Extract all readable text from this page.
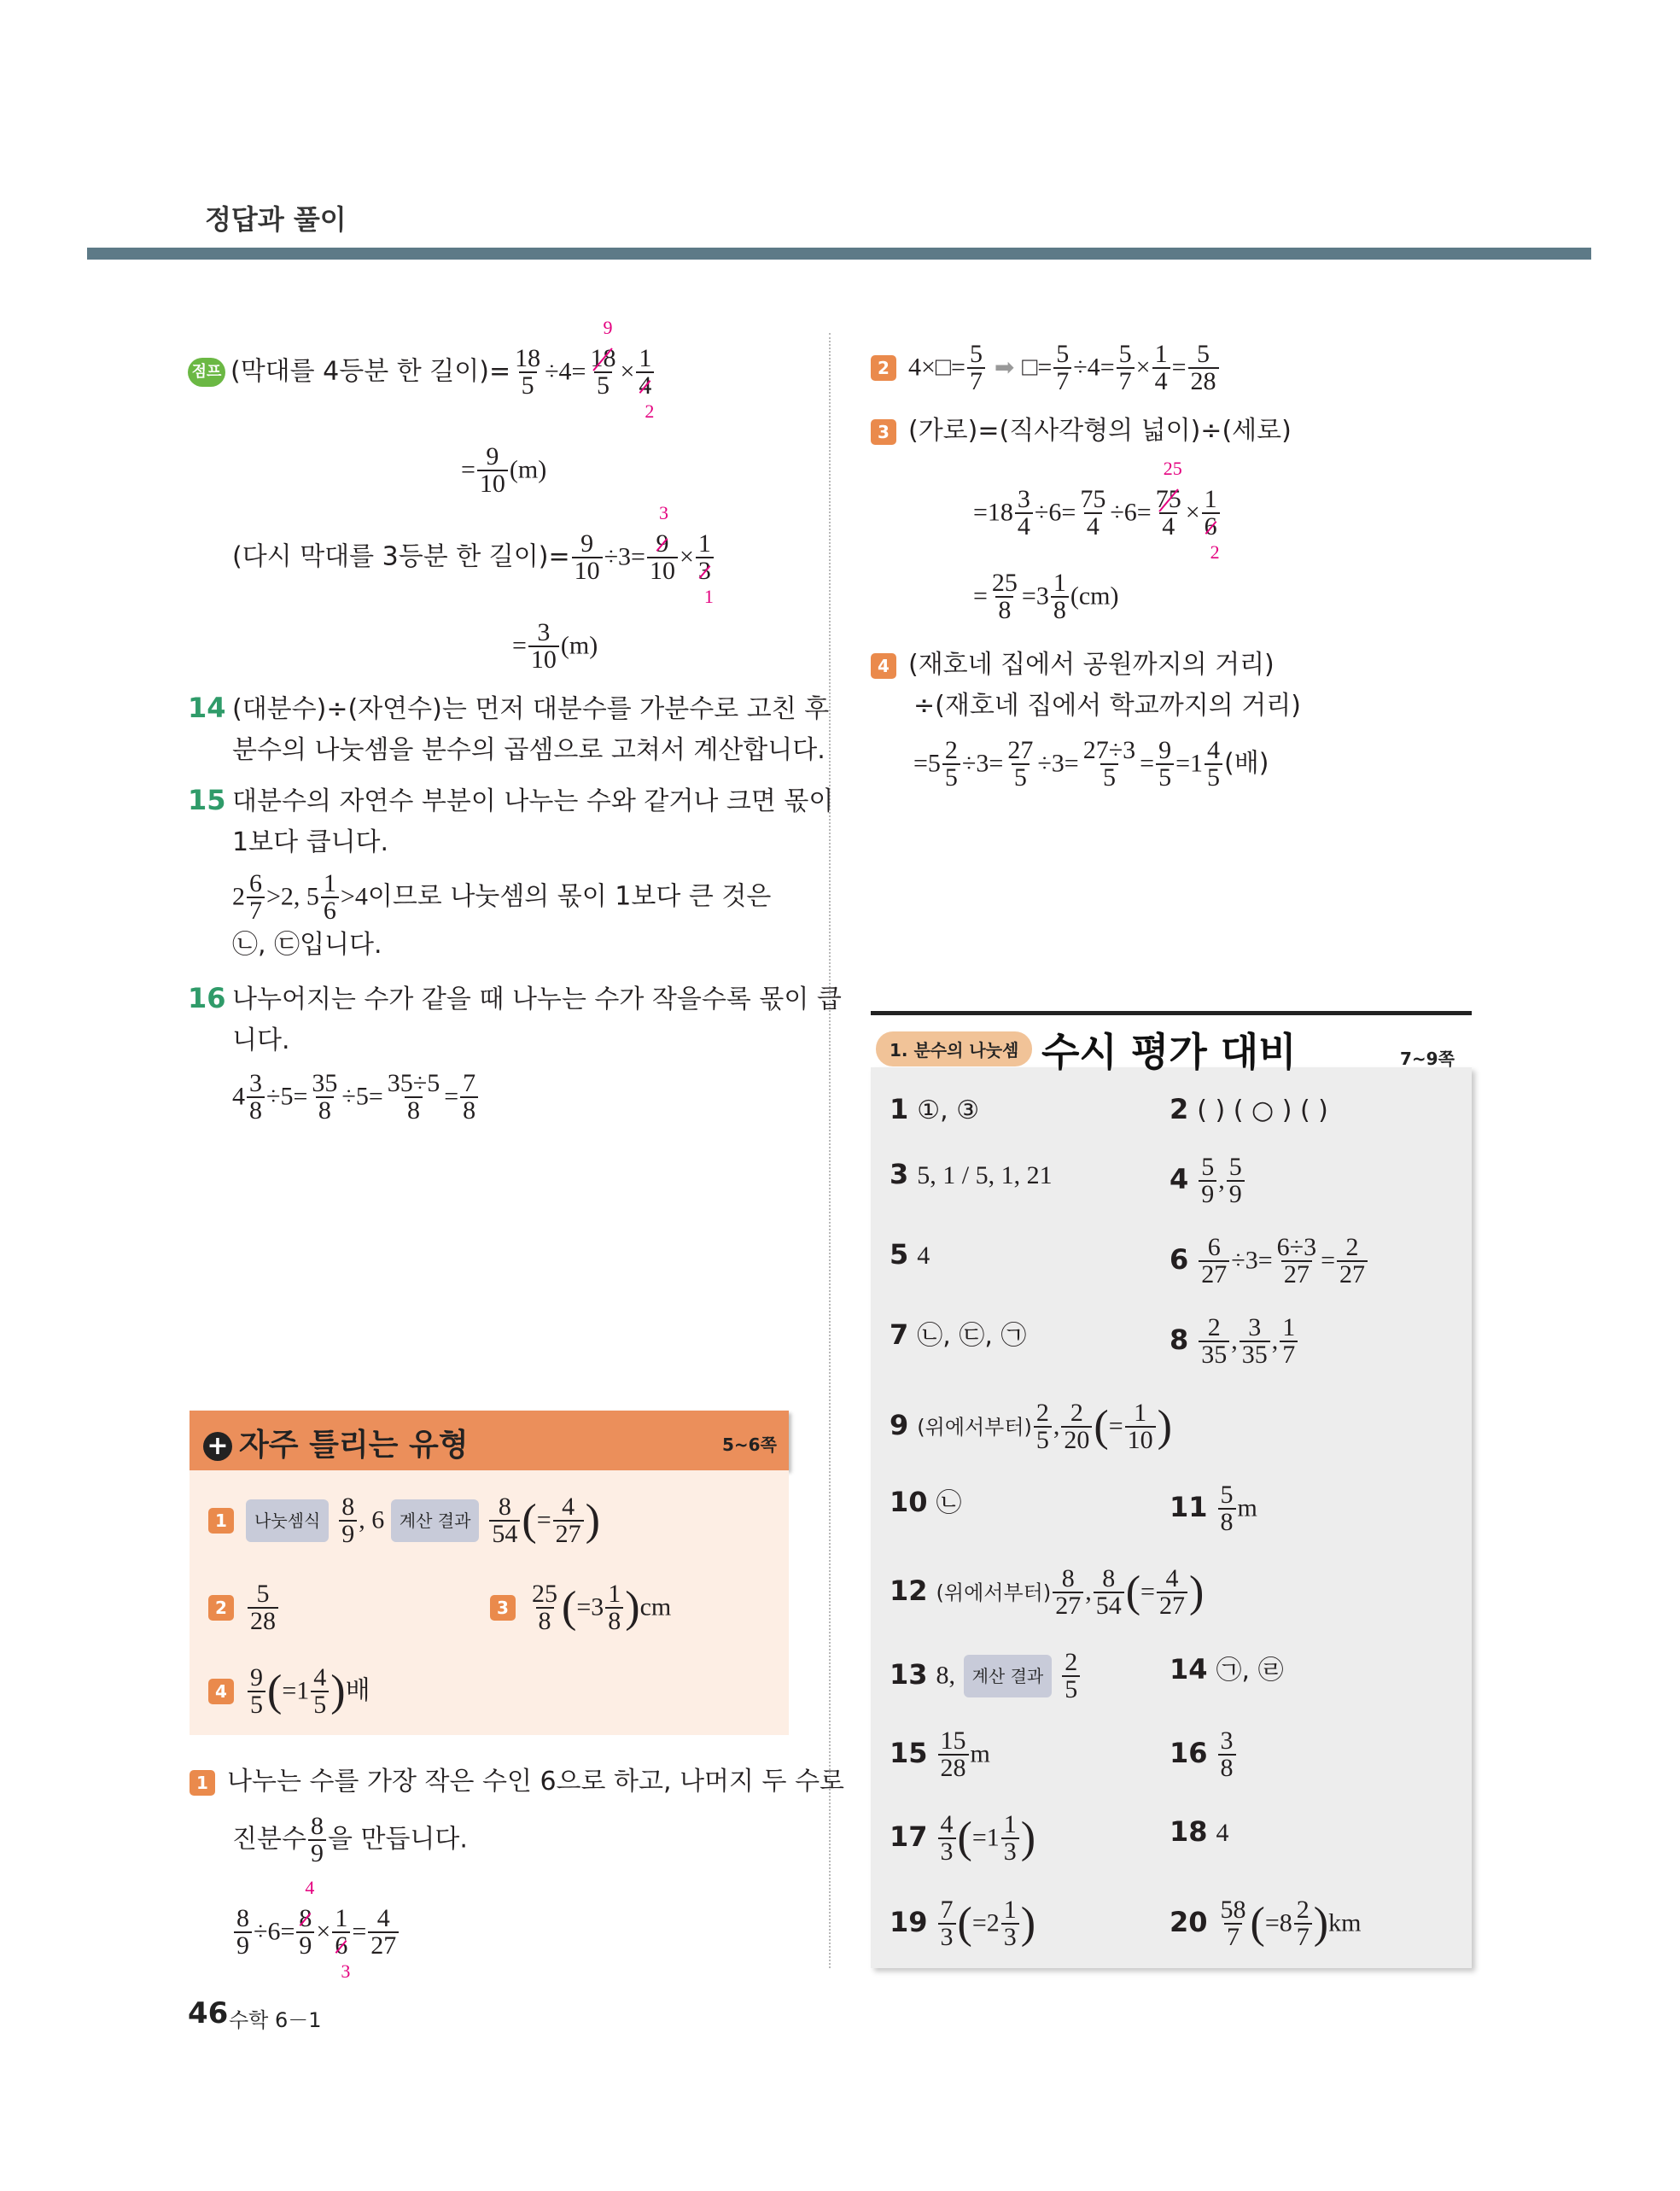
정답과 풀이
점프 (막대를 4등분 한 길이)= $\frac{18}{5} \div 4= 18$
5
9
× 1
4
2
= $\frac{9}{10} (m)$
(다시 막대를 3등분 한 길이)= $\frac{9}{10} \div 3= 9$
10
3
× 1
3
1
= $\frac{3}{10} (m)$
14 (대분수)÷(자연수)는 먼저 대분수를 가분수로 고친 후
분수의 나눗셈을 분수의 곱셈으로 고쳐서 계산합니다.
15 대분수의 자연수 부분이 나누는 수와 같거나 크면 몫이
1보다 큽니다.
$2 \frac{6}{7} >2$, $5 \frac{1}{6} >4$이므로 나눗셈의 몫이 1보다 큰 것은
㉡, ㉢입니다.
16 나누어지는 수가 같을 때 나누는 수가 작을수록 몫이 큽
니다.
$4 \frac{3}{8} \div 5= \frac{35}{8} \div 5= \frac{35\div 5}{8} = \frac{7}{8}$
+ 자주 틀리는 유형	5~6쪽
1 나눗셈식 $\frac{8}{9}$ , 6 계산 결과 $\frac{8}{54}$ (= $\frac{4}{27}$ )
$2 \frac{5}{28}$	$3 \frac{25}{8} (=3 \frac{1}{8} )cm$
$4 \frac{9}{5} (=1 \frac{4}{5}$ )배
1 나누는 수를 가장 작은 수인 6으로 하고, 나머지 두 수로
진분수 $\frac{8}{9}$ 을 만듭니다.
$\frac{8}{9} \div 6= 8$
9
4
× 1
6
3
= $\frac{4}{27}$
2 4×□= $\frac{5}{7}$ ➡ □= $\frac{5}{7} \div 4= \frac{5}{7} \times \frac{1}{4} = \frac{5}{28}$
3 (가로)=(직사각형의 넓이)÷(세로)
$=18 \frac{3}{4} \div 6= \frac{75}{4} \div 6= 75$
4
25
× 1
6
2
= $\frac{25}{8} =3 \frac{1}{8} (cm)$
4 (재호네 집에서 공원까지의 거리)
÷(재호네 집에서 학교까지의 거리)
$=5 \frac{2}{5} \div 3= \frac{27}{5} \div 3= \frac{27\div 3}{5} = \frac{9}{5} =1 \frac{4}{5}$ (배)
1. 분수의 나눗셈 수시 평가 대비	7~9쪽
1 ①, ③	2 ( ) ( ○ ) ( )
3 5, 1 / 5, 1, 21	$4 \frac{5}{9}$ , $\frac{5}{9}$
5 4	$6 \frac{6}{27} \div 3= \frac{6\div 3}{27} = \frac{2}{27}$
7 ㉡, ㉢, ㉠	$8 \frac{2}{35}$ , $\frac{3}{35}$ , $\frac{1}{7}$
9 (위에서부터) $\frac{2}{5}$ , $\frac{2}{20}$ (= $\frac{1}{10}$ )
10 ㉡	$11 \frac{5}{8}$ m
12 (위에서부터) $\frac{8}{27}$ , $\frac{8}{54}$ (= $\frac{4}{27}$ )
13 8, 계산 결과 $\frac{2}{5}$	14 ㉠, ㉣
$15 \frac{15}{28}$ m	$16 \frac{3}{8}$
$17 \frac{4}{3} (=1 \frac{1}{3}$ )	18 4
$19 \frac{7}{3} (=2 \frac{1}{3}$ )	$20 \frac{58}{7} (=8 \frac{2}{7} )km$
46 수학 6－1
